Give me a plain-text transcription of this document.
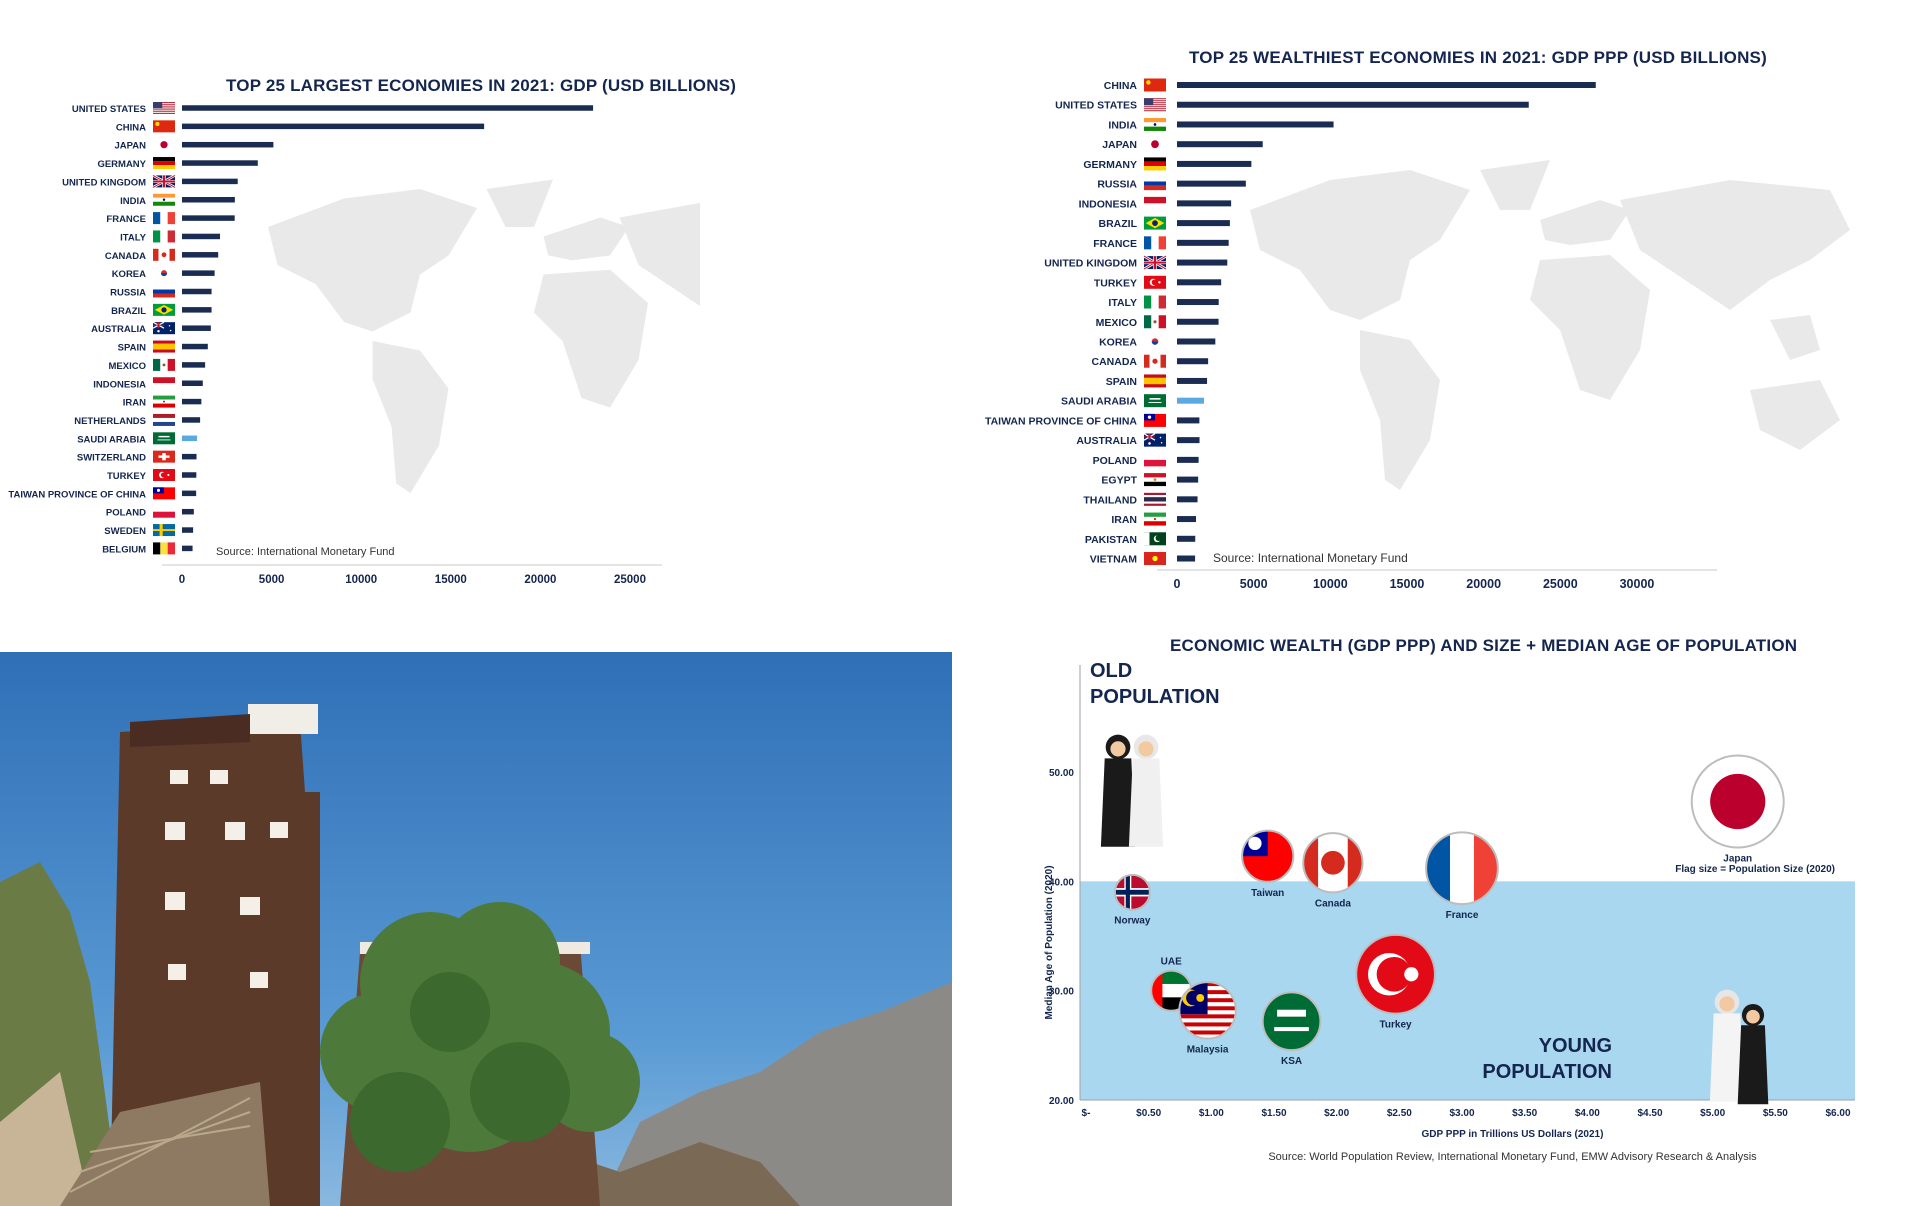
TOP 25 LARGEST ECONOMIES IN 2021: GDP (USD BILLIONS)
UNITED STATES
CHINA
JAPAN
GERMANY
UNITED KINGDOM
INDIA
FRANCE
ITALY
CANADA
KOREA
RUSSIA
BRAZIL
AUSTRALIA
SPAIN
MEXICO
INDONESIA
IRAN
NETHERLANDS
SAUDI ARABIA
SWITZERLAND
TURKEY
TAIWAN PROVINCE OF CHINA
POLAND
SWEDEN
BELGIUM
0	5000	10000	15000	20000	25000
Source: International Monetary Fund
TOP 25 WEALTHIEST ECONOMIES IN 2021: GDP PPP (USD BILLIONS)
CHINA
UNITED STATES
INDIA
JAPAN
GERMANY
RUSSIA
INDONESIA
BRAZIL
FRANCE
UNITED KINGDOM
TURKEY
ITALY
MEXICO
KOREA
CANADA
SPAIN
SAUDI ARABIA
TAIWAN PROVINCE OF CHINA
AUSTRALIA
POLAND
EGYPT
THAILAND
IRAN
PAKISTAN
VIETNAM
0	5000	10000	15000	20000	25000	30000
Source: International Monetary Fund
ECONOMIC WEALTH (GDP PPP) AND SIZE + MEDIAN AGE OF POPULATION
20.00
30.00
40.00
50.00
$-	$0.50	$1.00	$1.50	$2.00	$2.50	$3.00	$3.50	$4.00	$4.50	$5.00	$5.50	$6.00
GDP PPP in Trillions US Dollars (2021)
Median Age of Population (2020)
OLD
POPULATION
YOUNG
POPULATION
Flag size = Population Size (2020)
Norway
Taiwan
Canada
France
Japan
UAE
Malaysia
KSA
Turkey
Source: World Population Review, International Monetary Fund, EMW Advisory Research & Analysis
